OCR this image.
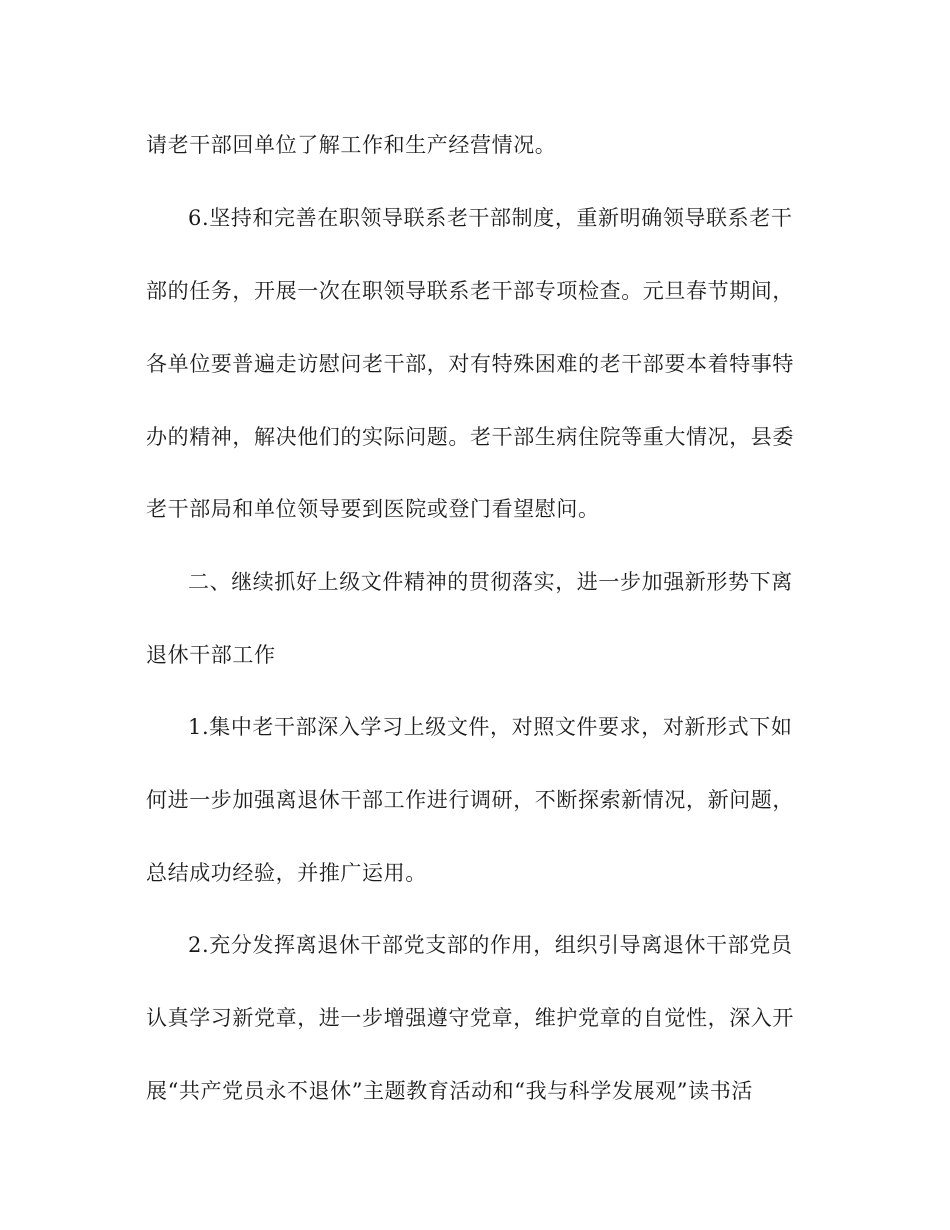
请老干部回单位了解工作和生产经营情况。
6.坚持和完善在职领导联系老干部制度，重新明确领导联系老干
部的任务，开展一次在职领导联系老干部专项检查。元旦春节期间，
各单位要普遍走访慰问老干部，对有特殊困难的老干部要本着特事特
办的精神，解决他们的实际问题。老干部生病住院等重大情况，县委
老干部局和单位领导要到医院或登门看望慰问。
二、继续抓好上级文件精神的贯彻落实，进一步加强新形势下离
退休干部工作
1.集中老干部深入学习上级文件，对照文件要求，对新形式下如
何进一步加强离退休干部工作进行调研，不断探索新情况，新问题，
总结成功经验，并推广运用。
2.充分发挥离退休干部党支部的作用，组织引导离退休干部党员
认真学习新党章，进一步增强遵守党章，维护党章的自觉性，深入开
展“共产党员永不退休”主题教育活动和“我与科学发展观”读书活
